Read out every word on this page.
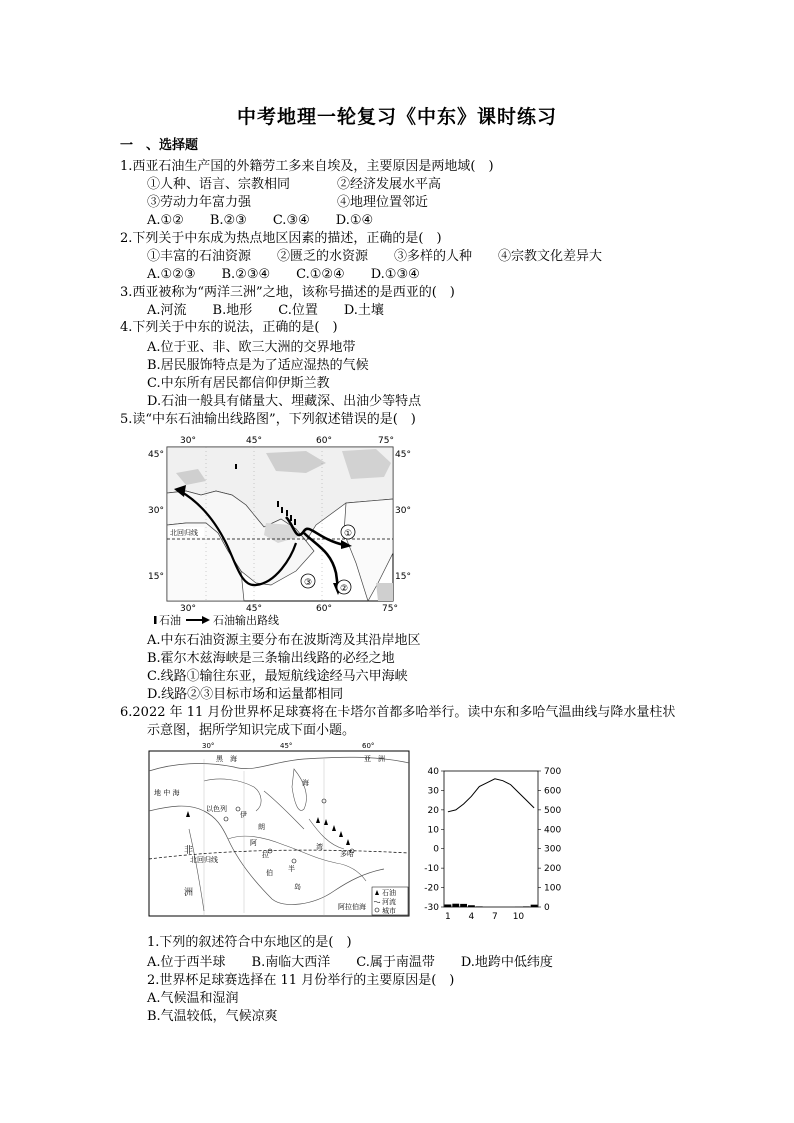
中考地理一轮复习《中东》课时练习
一　、选择题
1.西亚石油生产国的外籍劳工多来自埃及，主要原因是两地域(　)
①人种、语言、宗教相同	②经济发展水平高
③劳动力年富力强	④地理位置邻近
A.①②　　B.②③　　C.③④　　D.①④
2.下列关于中东成为热点地区因素的描述，正确的是(　)
①丰富的石油资源　　②匮乏的水资源　　③多样的人种　　④宗教文化差异大
A.①②③　　B.②③④　　C.①②④　　D.①③④
3.西亚被称为“两洋三洲”之地，该称号描述的是西亚的(　)
A.河流　　B.地形　　C.位置　　D.土壤
4.下列关于中东的说法，正确的是(　)
A.位于亚、非、欧三大洲的交界地带
B.居民服饰特点是为了适应湿热的气候
C.中东所有居民都信仰伊斯兰教
D.石油一般具有储量大、埋藏深、出油少等特点
5.读“中东石油输出线路图”，下列叙述错误的是(　)
①
②
③
北回归线
30°	45°	60°	75°
30°	45°	60°	75°
45°
30°
15°
45°
30°
15°
石油	石油输出路线
A.中东石油资源主要分布在波斯湾及其沿岸地区
B.霍尔木兹海峡是三条输出线路的必经之地
C.线路①输往东亚，最短航线途经马六甲海峡
D.线路②③目标市场和运量都相同
6.2022 年 11 月份世界杯足球赛将在卡塔尔首都多哈举行。读中东和多哈气温曲线与降水量柱状
示意图，据所学知识完成下面小题。
30°	45°	60°
黑　海	亚　洲
地 中 海
非
洲
以色列
海
伊
朗
阿
拉
伯 半
岛
湾
多哈
北回归线
阿拉伯海
石油
河流
城市
40
30
20
10
0
-10
-20
-30
700
600
500
400
300
200
100
0
1 4 7 10
1.下列的叙述符合中东地区的是(　)
A.位于西半球　　B.南临大西洋　　C.属于南温带　　D.地跨中低纬度
2.世界杯足球赛选择在 11 月份举行的主要原因是(　)
A.气候温和湿润
B.气温较低，气候凉爽
